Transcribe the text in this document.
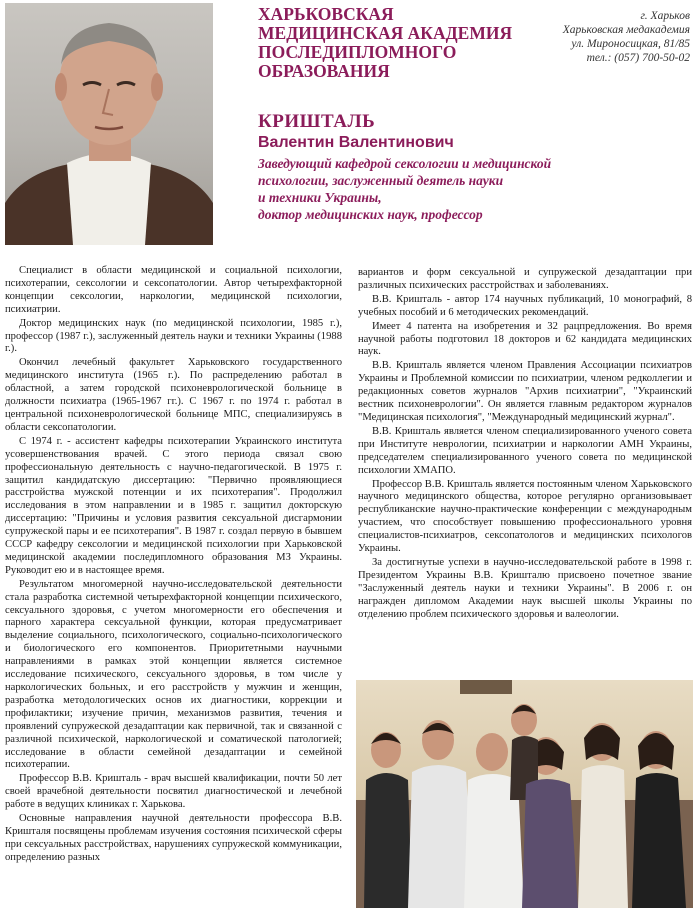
ХАРЬКОВСКАЯ
МЕДИЦИНСКАЯ АКАДЕМИЯ
ПОСЛЕДИПЛОМНОГО
ОБРАЗОВАНИЯ
г. Харьков
Харьковская медакадемия
ул. Мироносицкая, 81/85
тел.: (057) 700-50-02
КРИШТАЛЬ
Валентин Валентинович
Заведующий кафедрой сексологии и медицинской
психологии, заслуженный деятель науки
и техники Украины,
доктор медицинских наук, профессор

Специалист в области медицинской и социальной психологии, психотерапии, сексологии и сексопатологии. Автор четырехфакторной концепции сексологии, наркологии, медицинской психологии, психиатрии.

Доктор медицинских наук (по медицинской психологии, 1985 г.), профессор (1987 г.), заслуженный деятель науки и техники Украины (1988 г.).

Окончил лечебный факультет Харьковского государственного медицинского института (1965 г.). По распределению работал в областной, а затем городской психоневрологической больнице в должности психиатра (1965-1967 гг.). С 1967 г. по 1974 г. работал в центральной психоневрологической больнице МПС, специализируясь в области сексопатологии.

С 1974 г. - ассистент кафедры психотерапии Украинского института усовершенствования врачей. С этого периода связал свою профессиональную деятельность с научно-педагогической. В 1975 г. защитил кандидатскую диссертацию: "Первично проявляющиеся расстройства мужской потенции и их психотерапия". Продолжил исследования в этом направлении и в 1985 г. защитил докторскую диссертацию: "Причины и условия развития сексуальной дисгармонии супружеской пары и ее психотерапия". В 1987 г. создал первую в бывшем СССР кафедру сексологии и медицинской психологии при Харьковской медицинской академии последипломного образования МЗ Украины. Руководит ею и в настоящее время.

Результатом многомерной научно-исследовательской деятельности стала разработка системной четырехфакторной концепции психического, сексуального здоровья, с учетом многомерности его обеспечения и парного характера сексуальной функции, которая предусматривает выделение социального, психологического, социально-психологического и биологического его компонентов. Приоритетными научными направлениями в рамках этой концепции является системное исследование психического, сексуального здоровья, в том числе у наркологических больных, и его расстройств у мужчин и женщин, разработка методологических основ их диагностики, коррекции и профилактики; изучение причин, механизмов развития, течения и проявлений супружеской дезадаптации как первичной, так и связанной с различной психической, наркологической и соматической патологией; исследование в области семейной дезадаптации и семейной психотерапии.

Профессор В.В. Кришталь - врач высшей квалификации, почти 50 лет своей врачебной деятельности посвятил диагностической и лечебной работе в ведущих клиниках г. Харькова.

Основные направления научной деятельности профессора В.В. Кришталя посвящены проблемам изучения состояния психической сферы при сексуальных расстройствах, нарушениях супружеской коммуникации, определению разных

вариантов и форм сексуальной и супружеской дезадаптации при различных психических расстройствах и заболеваниях.

В.В. Кришталь - автор 174 научных публикаций, 10 монографий, 8 учебных пособий и 6 методических рекомендаций.

Имеет 4 патента на изобретения и 32 рацпредложения. Во время научной работы подготовил 18 докторов и 62 кандидата медицинских наук.

В.В. Кришталь является членом Правления Ассоциации психиатров Украины и Проблемной комиссии по психиатрии, членом редколлегии и редакционных советов журналов "Архив психиатрии", "Украинский вестник психоневрологии". Он является главным редактором журналов "Медицинская психология", "Международный медицинский журнал".

В.В. Кришталь является членом специализированного ученого совета при Институте неврологии, психиатрии и наркологии АМН Украины, председателем специализированного ученого совета по медицинской психологии ХМАПО.

Профессор В.В. Кришталь является постоянным членом Харьковского научного медицинского общества, которое регулярно организовывает республиканские научно-практические конференции с международным участием, что способствует повышению профессионального уровня специалистов-психиатров, сексопатологов и медицинских психологов Украины.

За достигнутые успехи в научно-исследовательской работе в 1998 г. Президентом Украины В.В. Кришталю присвоено почетное звание "Заслуженный деятель науки и техники Украины". В 2006 г. он награжден дипломом Академии наук высшей школы Украины по отделению проблем психического здоровья и валеологии.
